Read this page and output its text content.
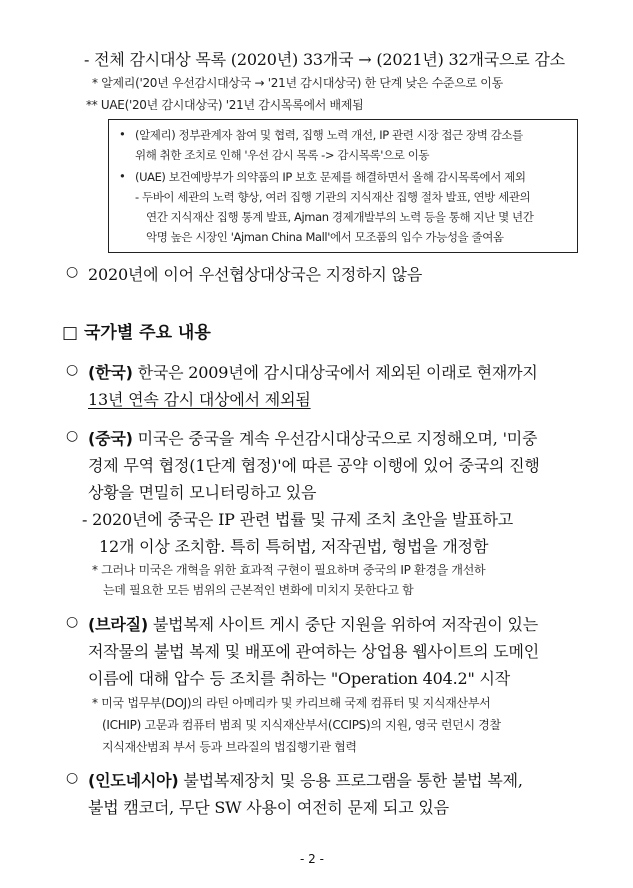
- 전체 감시대상 목록 (2020년) 33개국 → (2021년) 32개국으로 감소
* 알제리('20년 우선감시대상국 → '21년 감시대상국) 한 단계 낮은 수준으로 이동
** UAE('20년 감시대상국) '21년 감시목록에서 배제됨
• (알제리) 정부관계자 참여 및 협력, 집행 노력 개선, IP 관련 시장 접근 장벽 감소를
위해 취한 조치로 인해 '우선 감시 목록 -> 감시목록'으로 이동
• (UAE) 보건예방부가 의약품의 IP 보호 문제를 해결하면서 올해 감시목록에서 제외
- 두바이 세관의 노력 향상, 여러 집행 기관의 지식재산 집행 절차 발표, 연방 세관의
연간 지식재산 집행 통계 발표, Ajman 경제개발부의 노력 등을 통해 지난 몇 년간
악명 높은 시장인 'Ajman China Mall'에서 모조품의 입수 가능성을 줄여옴
○ 2020년에 이어 우선협상대상국은 지정하지 않음
□ 국가별 주요 내용
○ (한국) 한국은 2009년에 감시대상국에서 제외된 이래로 현재까지
13년 연속 감시 대상에서 제외됨
○ (중국) 미국은 중국을 계속 우선감시대상국으로 지정해오며, '미중
경제 무역 협정(1단계 협정)'에 따른 공약 이행에 있어 중국의 진행
상황을 면밀히 모니터링하고 있음
- 2020년에 중국은 IP 관련 법률 및 규제 조치 초안을 발표하고
12개 이상 조치함. 특히 특허법, 저작권법, 형법을 개정함
* 그러나 미국은 개혁을 위한 효과적 구현이 필요하며 중국의 IP 환경을 개선하
는데 필요한 모든 범위의 근본적인 변화에 미치지 못한다고 함
○ (브라질) 불법복제 사이트 게시 중단 지원을 위하여 저작권이 있는
저작물의 불법 복제 및 배포에 관여하는 상업용 웹사이트의 도메인
이름에 대해 압수 등 조치를 취하는 "Operation 404.2" 시작
* 미국 법무부(DOJ)의 라틴 아메리카 및 카리브해 국제 컴퓨터 및 지식재산부서
(ICHIP) 고문과 컴퓨터 범죄 및 지식재산부서(CCIPS)의 지원, 영국 런던시 경찰
지식재산범죄 부서 등과 브라질의 법집행기관 협력
○ (인도네시아) 불법복제장치 및 응용 프로그램을 통한 불법 복제,
불법 캠코더, 무단 SW 사용이 여전히 문제 되고 있음
- 2 -
